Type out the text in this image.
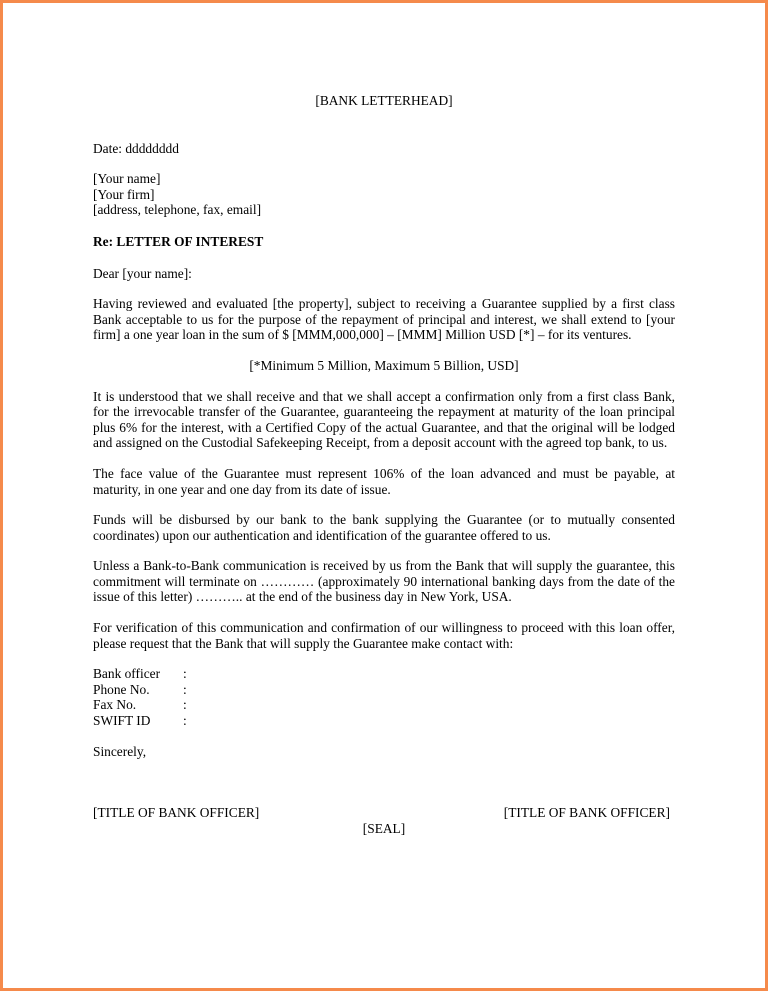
[BANK LETTERHEAD]

Date: dddddddd

[Your name]

[Your firm]

[address, telephone, fax, email]

Re: LETTER OF INTEREST

Dear [your name]:

Having reviewed and evaluated [the property], subject to receiving a Guarantee supplied by a first class Bank acceptable to us for the purpose of the repayment of principal and interest, we shall extend to [your firm] a one year loan in the sum of $ [MMM,000,000] – [MMM] Million USD [*] – for its ventures.

[*Minimum 5 Million, Maximum 5 Billion, USD]

It is understood that we shall receive and that we shall accept a confirmation only from a first class Bank, for the irrevocable transfer of the Guarantee, guaranteeing the repayment at maturity of the loan principal plus 6% for the interest, with a Certified Copy of the actual Guarantee, and that the original will be lodged and assigned on the Custodial Safekeeping Receipt, from a deposit account with the agreed top bank, to us.

The face value of the Guarantee must represent 106% of the loan advanced and must be payable, at maturity, in one year and one day from its date of issue.

Funds will be disbursed by our bank to the bank supplying the Guarantee (or to mutually consented coordinates) upon our authentication and identification of the guarantee offered to us.

Unless a Bank-to-Bank communication is received by us from the Bank that will supply the guarantee, this commitment will terminate on ………… (approximately 90 international banking days from the date of the issue of this letter) ……….. at the end of the business day in New York, USA.

For verification of this communication and confirmation of our willingness to proceed with this loan offer, please request that the Bank that will supply the Guarantee make contact with:

Bank officer	:
Phone No.	:
Fax No.	:
SWIFT ID	:

Sincerely,

[TITLE OF BANK OFFICER]	[TITLE OF BANK OFFICER]

[SEAL]
